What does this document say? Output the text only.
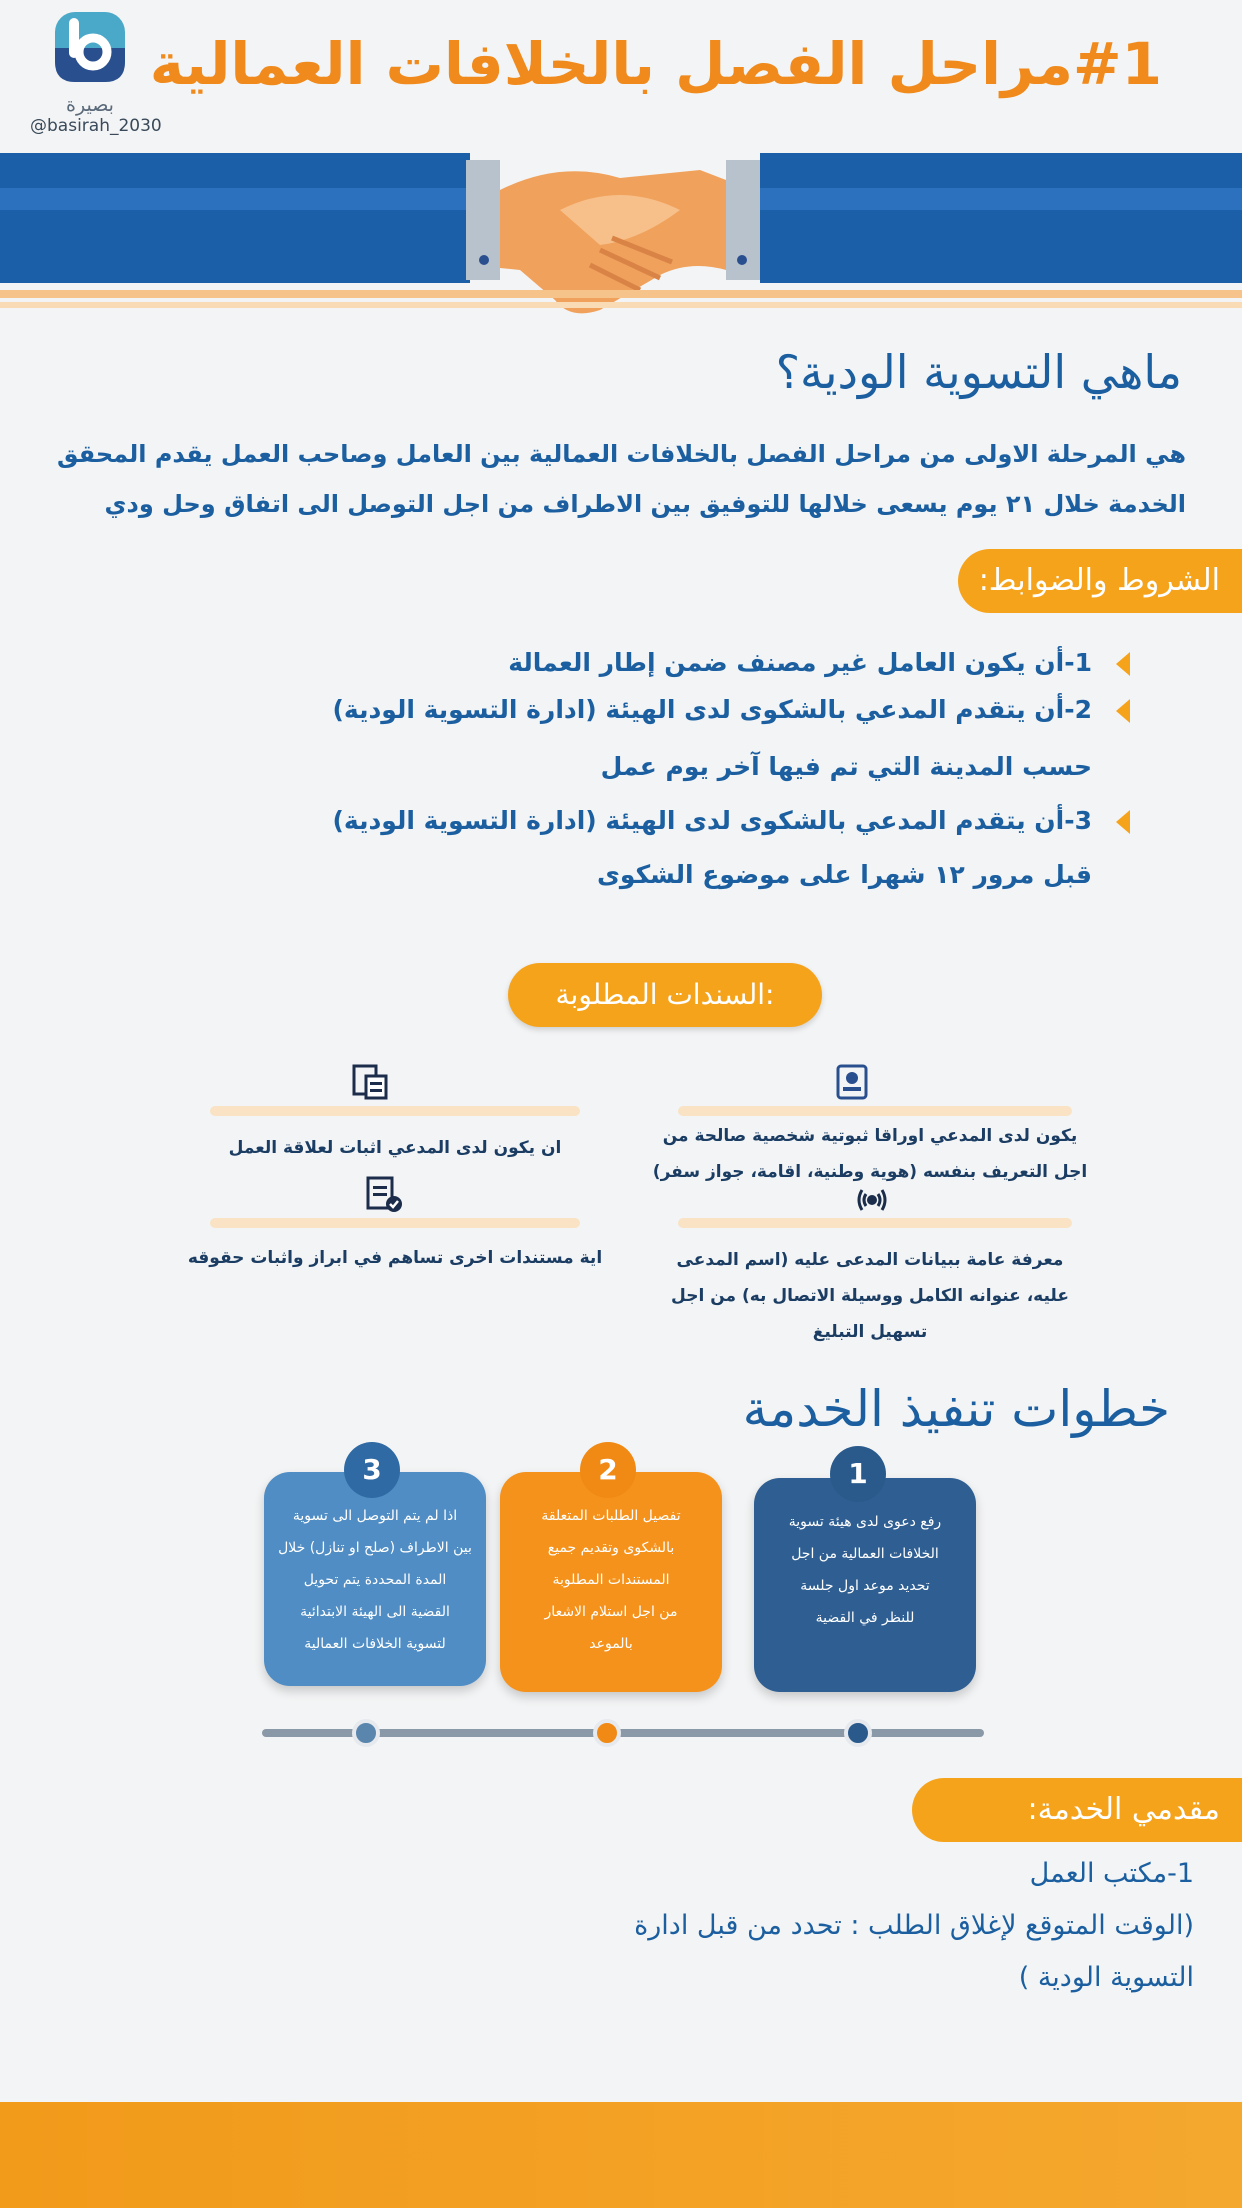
بصيرة
@basirah_2030
#1مراحل الفصل بالخلافات العمالية
ماهي التسوية الودية؟
هي المرحلة الاولى من مراحل الفصل بالخلافات العمالية بين العامل وصاحب العمل يقدم المحقق
الخدمة خلال ٢١ يوم يسعى خلالها للتوفيق بين الاطراف من اجل التوصل الى اتفاق وحل ودي
الشروط والضوابط:
1-أن يكون العامل غير مصنف ضمن إطار العمالة
2-أن يتقدم المدعي بالشكوى لدى الهيئة (ادارة التسوية الودية)
حسب المدينة التي تم فيها آخر يوم عمل
3-أن يتقدم المدعي بالشكوى لدى الهيئة (ادارة التسوية الودية)
قبل مرور ١٢ شهرا على موضوع الشكوى
السندات المطلوبة:
يكون لدى المدعي اوراقا ثبوتية شخصية صالحة من
اجل التعريف بنفسه (هوية وطنية، اقامة، جواز سفر)
معرفة عامة ببيانات المدعى عليه (اسم المدعى
عليه، عنوانه الكامل ووسيلة الاتصال به) من اجل
تسهيل التبليغ
ان يكون لدى المدعي اثبات لعلاقة العمل
اية مستندات اخرى تساهم في ابراز واثبات حقوقه
خطوات تنفيذ الخدمة
رفع دعوى لدى هيئة تسوية
الخلافات العمالية من اجل
تحديد موعد اول جلسة
للنظر في القضية
1
تفصيل الطلبات المتعلقة
بالشكوى وتقديم جميع
المستندات المطلوبة
من اجل استلام الاشعار
بالموعد
2
اذا لم يتم التوصل الى تسوية
بين الاطراف (صلح او تنازل) خلال
المدة المحددة يتم تحويل
القضية الى الهيئة الابتدائية
لتسوية الخلافات العمالية
3
مقدمي الخدمة:
1-مكتب العمل
(الوقت المتوقع لإغلاق الطلب : تحدد من قبل ادارة
التسوية الودية )
